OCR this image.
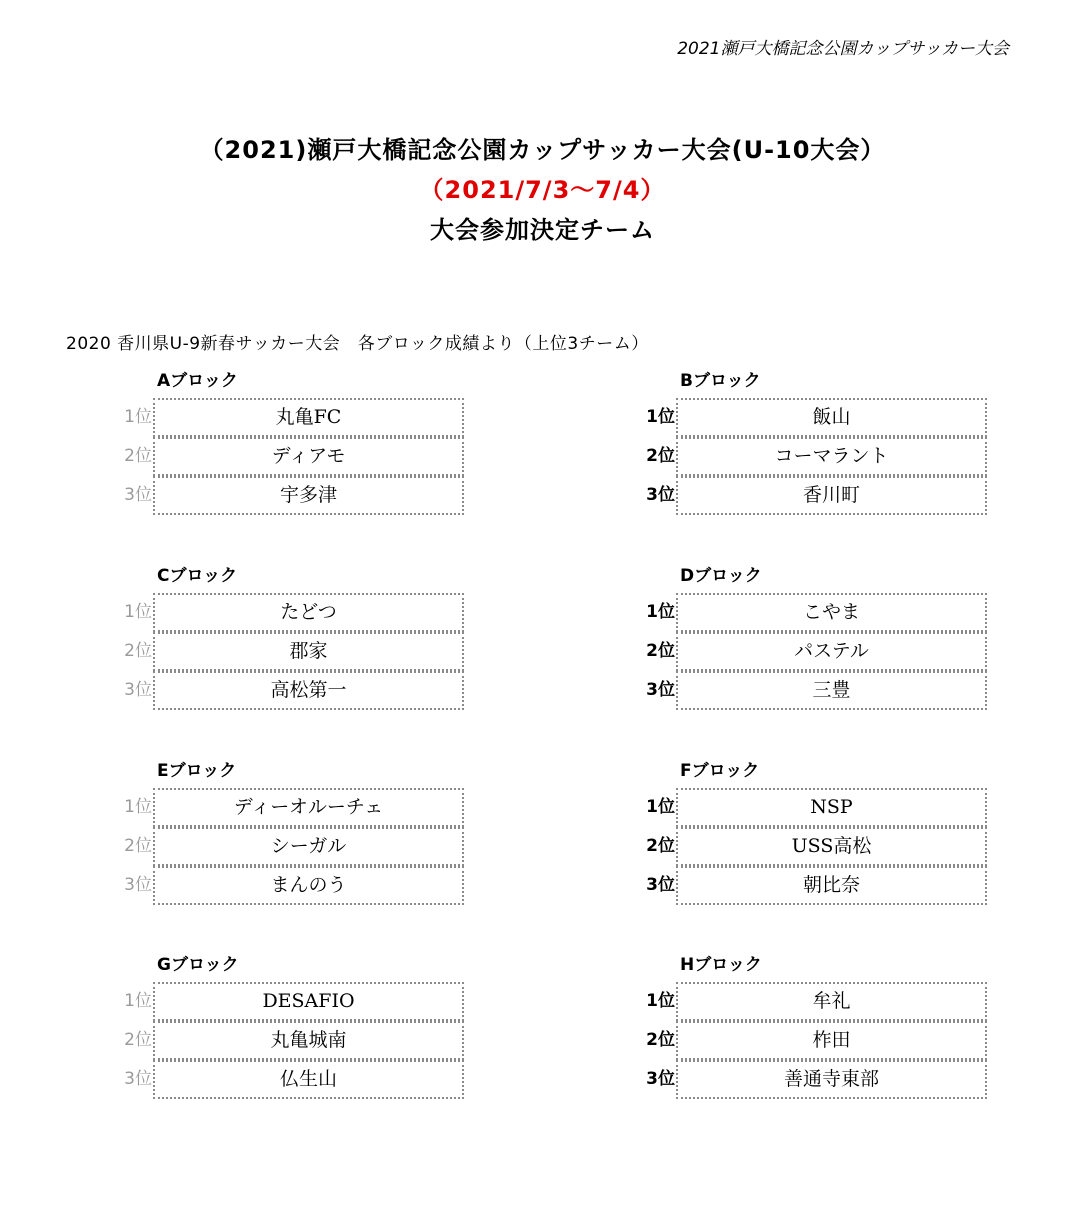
2021瀬戸大橋記念公園カップサッカー大会
（2021)瀬戸大橋記念公園カップサッカー大会(U-10大会）
（2021/7/3～7/4）
大会参加決定チーム
2020 香川県U-9新春サッカー大会　各ブロック成績より（上位3チーム）
Aブロック
1位	丸亀FC
2位	ディアモ
3位	宇多津
Bブロック
1位	飯山
2位	コーマラント
3位	香川町
Cブロック
1位	たどつ
2位	郡家
3位	高松第一
Dブロック
1位	こやま
2位	パステル
3位	三豊
Eブロック
1位	ディーオルーチェ
2位	シーガル
3位	まんのう
Fブロック
1位	NSP
2位	USS高松
3位	朝比奈
Gブロック
1位	DESAFIO
2位	丸亀城南
3位	仏生山
Hブロック
1位	牟礼
2位	柞田
3位	善通寺東部
